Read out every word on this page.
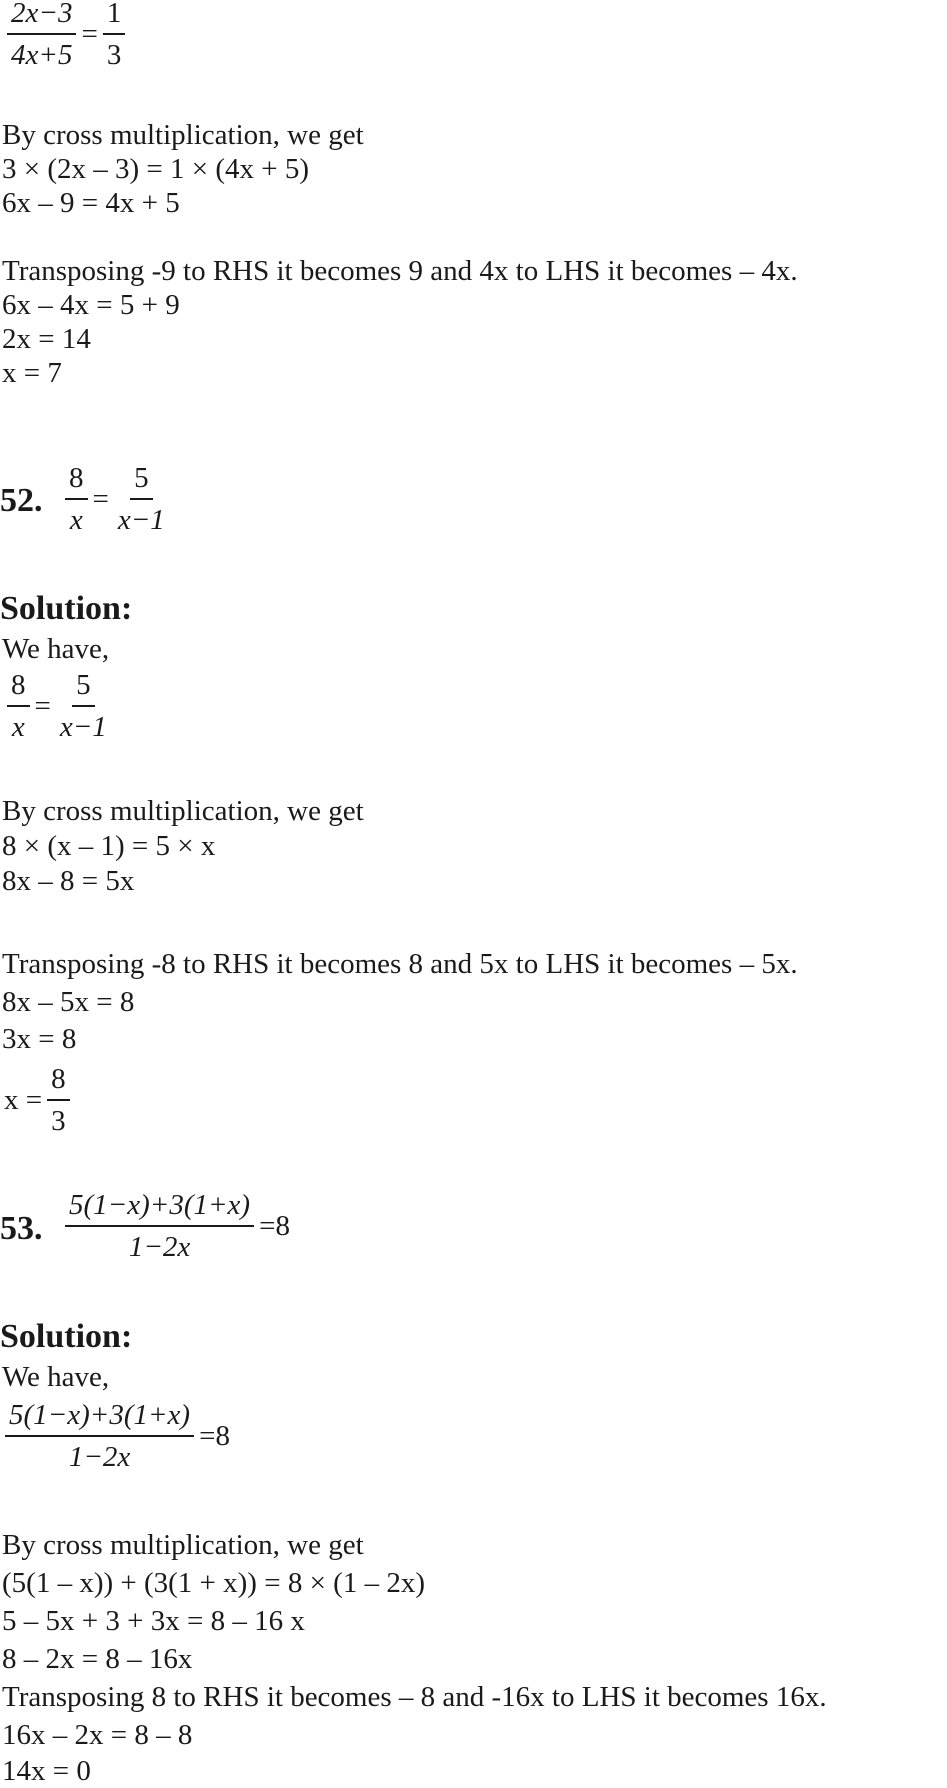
$\frac{2x-3}{4x+5} = \frac{1}{3}$
By cross multiplication, we get
3 × (2x – 3) = 1 × (4x + 5)
6x – 9 = 4x + 5
Transposing -9 to RHS it becomes 9 and 4x to LHS it becomes – 4x.
6x – 4x = 5 + 9
2x = 14
x = 7
52. $\frac{8}{x} = \frac{5}{x-1}$
Solution:
We have,
$\frac{8}{x} = \frac{5}{x-1}$
By cross multiplication, we get
8 × (x – 1) = 5 × x
8x – 8 = 5x
Transposing -8 to RHS it becomes 8 and 5x to LHS it becomes – 5x.
8x – 5x = 8
3x = 8
$x = \frac{8}{3}$
53. $\frac{5(1-x)+3(1+x)}{1-2x} =8$
Solution:
We have,
$\frac{5(1-x)+3(1+x)}{1-2x} =8$
By cross multiplication, we get
(5(1 – x)) + (3(1 + x)) = 8 × (1 – 2x)
5 – 5x + 3 + 3x = 8 – 16 x
8 – 2x = 8 – 16x
Transposing 8 to RHS it becomes – 8 and -16x to LHS it becomes 16x.
16x – 2x = 8 – 8
14x = 0
